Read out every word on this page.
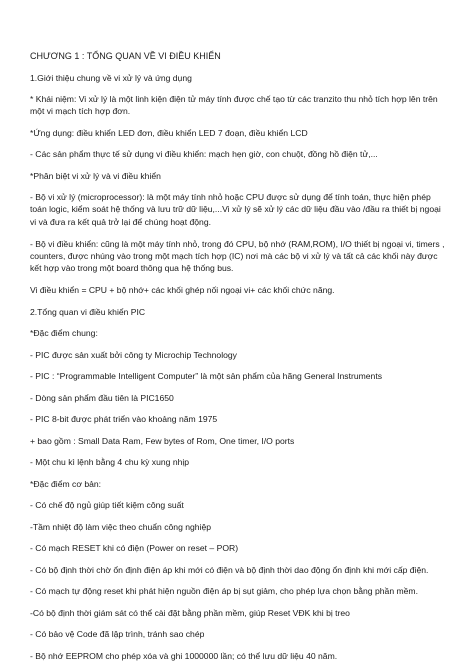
CHƯƠNG 1 : TỔNG QUAN VỀ VI ĐIỀU KHIỂN

1.Giới thiệu chung về vi xử lý và ứng dụng

* Khái niệm: Vi xử lý là một linh kiện điện tử máy tính được chế tạo từ các tranzito thu nhỏ tích hợp lên trên một vi mạch tích hợp đơn.

*Ứng dụng: điều khiển LED đơn, điều khiển LED 7 đoạn, điều khiển LCD

- Các sản phẩm thực tế sử dụng vi điều khiển: mạch hẹn giờ, con chuột, đồng hồ điện tử,...

*Phân biệt vi xử lý và vi điều khiển

- Bộ vi xử lý (microprocessor): là một máy tính nhỏ hoặc CPU được sử dụng để tính toán, thực hiện phép toán logic, kiểm soát hệ thống và lưu trữ dữ liệu,...Vi xử lý sẽ xử lý các dữ liệu đầu vào /đầu ra thiết bị ngoại vi và đưa ra kết quả trở lại để chúng hoạt động.

- Bộ vi điều khiển: cũng là một máy tính nhỏ, trong đó CPU, bộ nhớ (RAM,ROM), I/O thiết bị ngoại vi, timers , counters, được nhúng vào trong một mạch tích hợp (IC) nơi mà các bộ vi xử lý và tất cả các khối này được kết hợp vào trong một board thông qua hệ thống bus.

Vi điều khiển = CPU + bộ nhớ+ các khối ghép nối ngoại vi+ các khối chức năng.

2.Tổng quan vi điều khiển PIC

*Đặc điểm chung:

- PIC được sản xuất bởi công ty Microchip Technology

- PIC : “Programmable Intelligent Computer” là một sản phẩm của hãng General Instruments

- Dòng sản phẩm đầu tiên là PIC1650

- PIC 8-bit được phát triển vào khoảng năm 1975

+ bao gồm : Small Data Ram, Few bytes of Rom, One timer, I/O ports

- Một chu kì lệnh bằng 4 chu kỳ xung nhịp

*Đặc điểm cơ bản:

- Có chế độ ngủ giúp tiết kiệm công suất

-Tầm nhiệt độ làm việc theo chuẩn công nghiệp

- Có mạch RESET khi có điện (Power on reset – POR)

- Có bộ định thời chờ ổn định điện áp khi mới có điện và bộ định thời dao động ổn định khi mới cấp điện.

- Có mạch tự động reset khi phát hiện nguồn điện áp bị sụt giảm, cho phép lựa chọn bằng phần mềm.

-Có bộ định thời giám sát có thể cài đặt bằng phần mềm, giúp Reset VĐK khi bị treo

- Có bảo vệ Code đã lập trình, tránh sao chép

- Bộ nhớ EEPROM cho phép xóa và ghi 1000000 lần; có thể lưu dữ liệu 40 năm.
